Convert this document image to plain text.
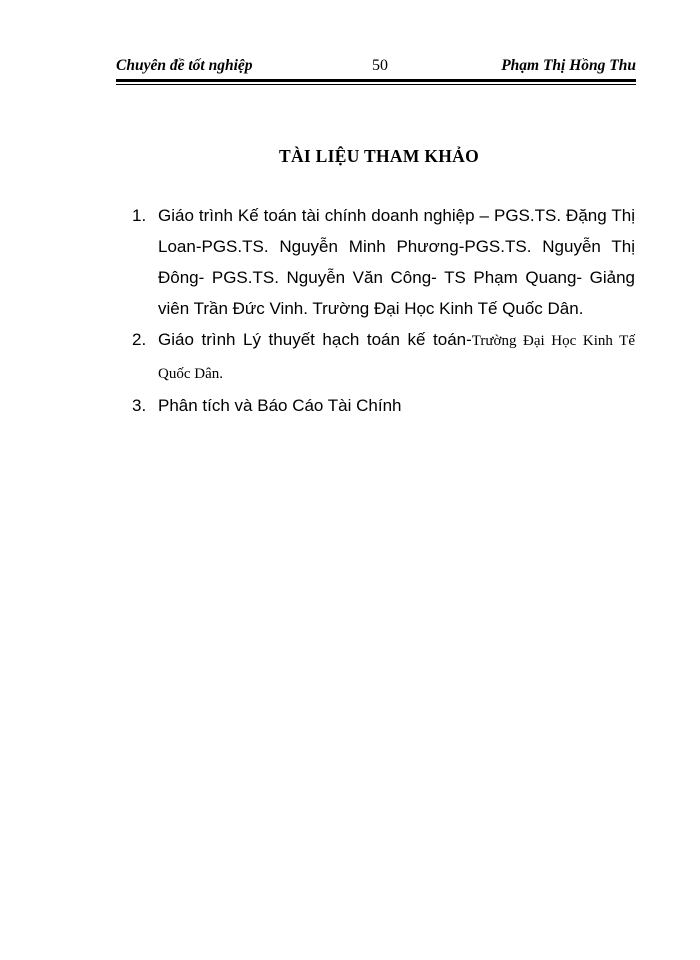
Chuyên đề tốt nghiệp	50	Phạm Thị Hồng Thu
TÀI LIỆU THAM KHẢO
1. Giáo trình Kế toán tài chính doanh nghiệp – PGS.TS. Đặng Thị Loan-PGS.TS. Nguyễn Minh Phương-PGS.TS. Nguyễn Thị Đông- PGS.TS. Nguyễn Văn Công- TS Phạm Quang- Giảng viên Trần Đức Vinh. Trường Đại Học Kinh Tế Quốc Dân.
2. Giáo trình Lý thuyết hạch toán kế toán-Trường Đại Học Kinh Tế Quốc Dân.
3. Phân tích và Báo Cáo Tài Chính
